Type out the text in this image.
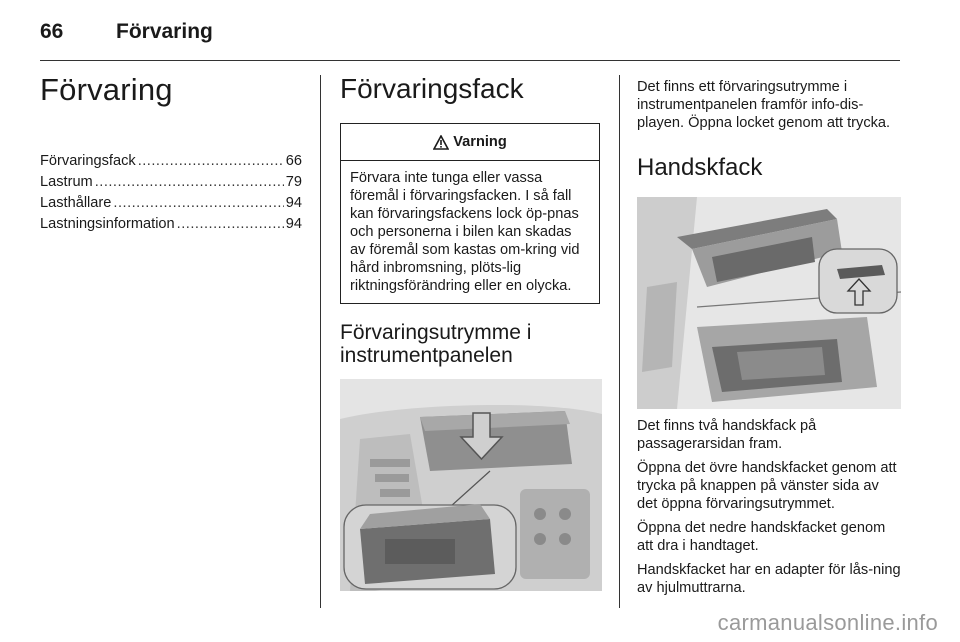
66	Förvaring
Förvaring
Förvaringsfack .....	66
Lastrum .....	79
Lasthållare .....	94
Lastningsinformation .....	94
Förvaringsfack
Varning
Förvara inte tunga eller vassa föremål i förvaringsfacken. I så fall kan förvaringsfackens lock öp-pnas och personerna i bilen kan skadas av föremål som kastas om-kring vid hård inbromsning, plöts-lig riktningsförändring eller en olycka.
Förvaringsutrymme i instrumentpanelen

Det finns ett förvaringsutrymme i instrumentpanelen framför info-dis-playen. Öppna locket genom att trycka.

Handskfack

Det finns två handskfack på passagerarsidan fram.

Öppna det övre handskfacket genom att trycka på knappen på vänster sida av det öppna förvaringsutrymmet.

Öppna det nedre handskfacket genom att dra i handtaget.

Handskfacket har en adapter för lås-ning av hjulmuttrarna.

carmanualsonline.info
